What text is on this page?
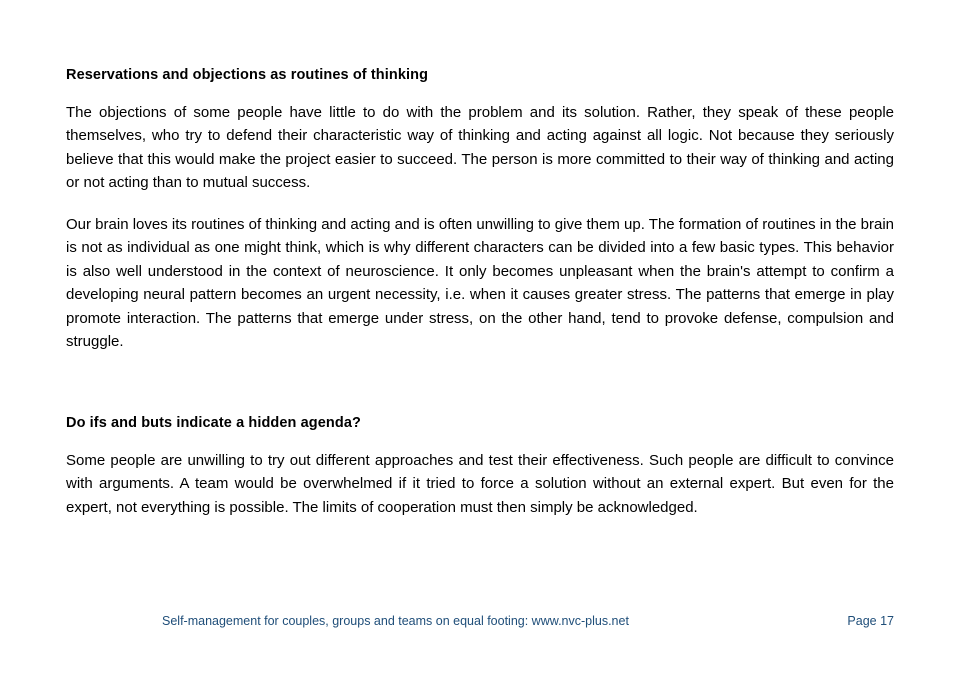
Reservations and objections as routines of thinking

The objections of some people have little to do with the problem and its solution. Rather, they speak of these people themselves, who try to defend their characteristic way of thinking and acting against all logic. Not because they seriously believe that this would make the project easier to succeed. The person is more committed to their way of thinking and acting or not acting than to mutual success.

Our brain loves its routines of thinking and acting and is often unwilling to give them up. The formation of routines in the brain is not as individual as one might think, which is why different characters can be divided into a few basic types. This behavior is also well understood in the context of neuroscience. It only becomes unpleasant when the brain's attempt to confirm a developing neural pattern becomes an urgent necessity, i.e. when it causes greater stress. The patterns that emerge in play promote interaction. The patterns that emerge under stress, on the other hand, tend to provoke defense, compulsion and struggle.

Do ifs and buts indicate a hidden agenda?

Some people are unwilling to try out different approaches and test their effectiveness. Such people are difficult to convince with arguments. A team would be overwhelmed if it tried to force a solution without an external expert. But even for the expert, not everything is possible. The limits of cooperation must then simply be acknowledged.

Self-management for couples, groups and teams on equal footing: www.nvc-plus.net	Page 17
